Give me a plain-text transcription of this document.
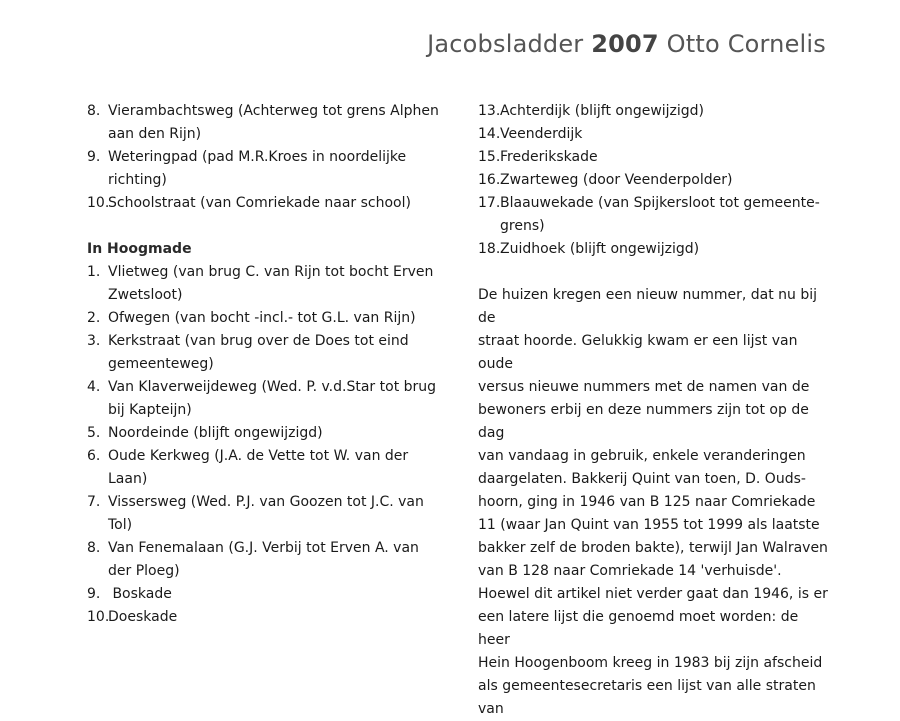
Jacobsladder 2007 Otto Cornelis
8. Vierambachtsweg (Achterweg tot grens Alphen aan den Rijn)
9. Weteringpad (pad M.R.Kroes in noordelijke richting)
10.
Schoolstraat (van Comriekade naar school)
In Hoogmade
1. Vlietweg (van brug C. van Rijn tot bocht Erven Zwetsloot)
2. Ofwegen (van bocht -incl.- tot G.L. van Rijn)
3. Kerkstraat (van brug over de Does tot eind gemeenteweg)
4. Van Klaverweijdeweg (Wed. P. v.d.Star tot brug bij Kapteijn)
5. Noordeinde (blijft ongewijzigd)
6. Oude Kerkweg (J.A. de Vette tot W. van der Laan)
7. Vissersweg (Wed. P.J. van Goozen tot J.C. van Tol)
8. Van Fenemalaan (G.J. Verbij tot Erven A. van der Ploeg)
9. Boskade
10.
Doeskade
13. Achterdijk (blijft ongewijzigd)
14. Veenderdijk
15. Frederikskade
16. Zwarteweg (door Veenderpolder)
17. Blaauwekade (van Spijkersloot tot gemeente-grens)
18. Zuidhoek (blijft ongewijzigd)
De huizen kregen een nieuw nummer, dat nu bij de
straat hoorde. Gelukkig kwam er een lijst van oude
versus nieuwe nummers met de namen van de
bewoners erbij en deze nummers zijn tot op de dag
van vandaag in gebruik, enkele veranderingen
daargelaten. Bakkerij Quint van toen, D. Ouds-
hoorn, ging in 1946 van B 125 naar Comriekade
11 (waar Jan Quint van 1955 tot 1999 als laatste
bakker zelf de broden bakte), terwijl Jan Walraven
van B 128 naar Comriekade 14 'verhuisde'.
Hoewel dit artikel niet verder gaat dan 1946, is er
een latere lijst die genoemd moet worden: de heer
Hein Hoogenboom kreeg in 1983 bij zijn afscheid
als gemeentesecretaris een lijst van alle straten van
